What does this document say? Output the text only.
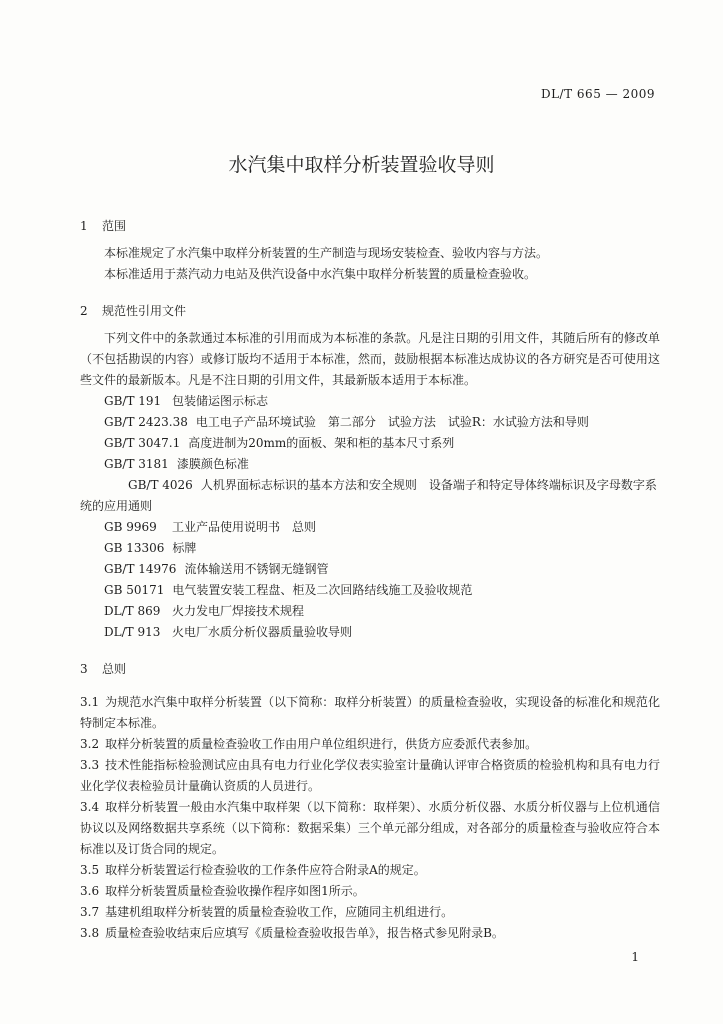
DL/T 665 — 2009
水汽集中取样分析装置验收导则
1 范围

本标准规定了水汽集中取样分析装置的生产制造与现场安装检查、验收内容与方法。

本标准适用于蒸汽动力电站及供汽设备中水汽集中取样分析装置的质量检查验收。

2 规范性引用文件

下列文件中的条款通过本标准的引用而成为本标准的条款。凡是注日期的引用文件，其随后所有的修改单（不包括勘误的内容）或修订版均不适用于本标准，然而，鼓励根据本标准达成协议的各方研究是否可使用这些文件的最新版本。凡是不注日期的引用文件，其最新版本适用于本标准。

GB/T 191 包装储运图示标志
GB/T 2423.38 电工电子产品环境试验　第二部分　试验方法　试验R：水试验方法和导则
GB/T 3047.1 高度进制为20mm的面板、架和柜的基本尺寸系列
GB/T 3181 漆膜颜色标准
GB/T 4026 人机界面标志标识的基本方法和安全规则　设备端子和特定导体终端标识及字母数字系统的应用通则
GB 9969 工业产品使用说明书　总则
GB 13306 标牌
GB/T 14976 流体输送用不锈钢无缝钢管
GB 50171 电气装置安装工程盘、柜及二次回路结线施工及验收规范
DL/T 869 火力发电厂焊接技术规程
DL/T 913 火电厂水质分析仪器质量验收导则
3 总则

3.1 为规范水汽集中取样分析装置（以下简称：取样分析装置）的质量检查验收，实现设备的标准化和规范化特制定本标准。

3.2 取样分析装置的质量检查验收工作由用户单位组织进行，供货方应委派代表参加。

3.3 技术性能指标检验测试应由具有电力行业化学仪表实验室计量确认评审合格资质的检验机构和具有电力行业化学仪表检验员计量确认资质的人员进行。

3.4 取样分析装置一般由水汽集中取样架（以下简称：取样架）、水质分析仪器、水质分析仪器与上位机通信协议以及网络数据共享系统（以下简称：数据采集）三个单元部分组成，对各部分的质量检查与验收应符合本标准以及订货合同的规定。

3.5 取样分析装置运行检查验收的工作条件应符合附录A的规定。

3.6 取样分析装置质量检查验收操作程序如图1所示。

3.7 基建机组取样分析装置的质量检查验收工作，应随同主机组进行。

3.8 质量检查验收结束后应填写《质量检查验收报告单》，报告格式参见附录B。

1
